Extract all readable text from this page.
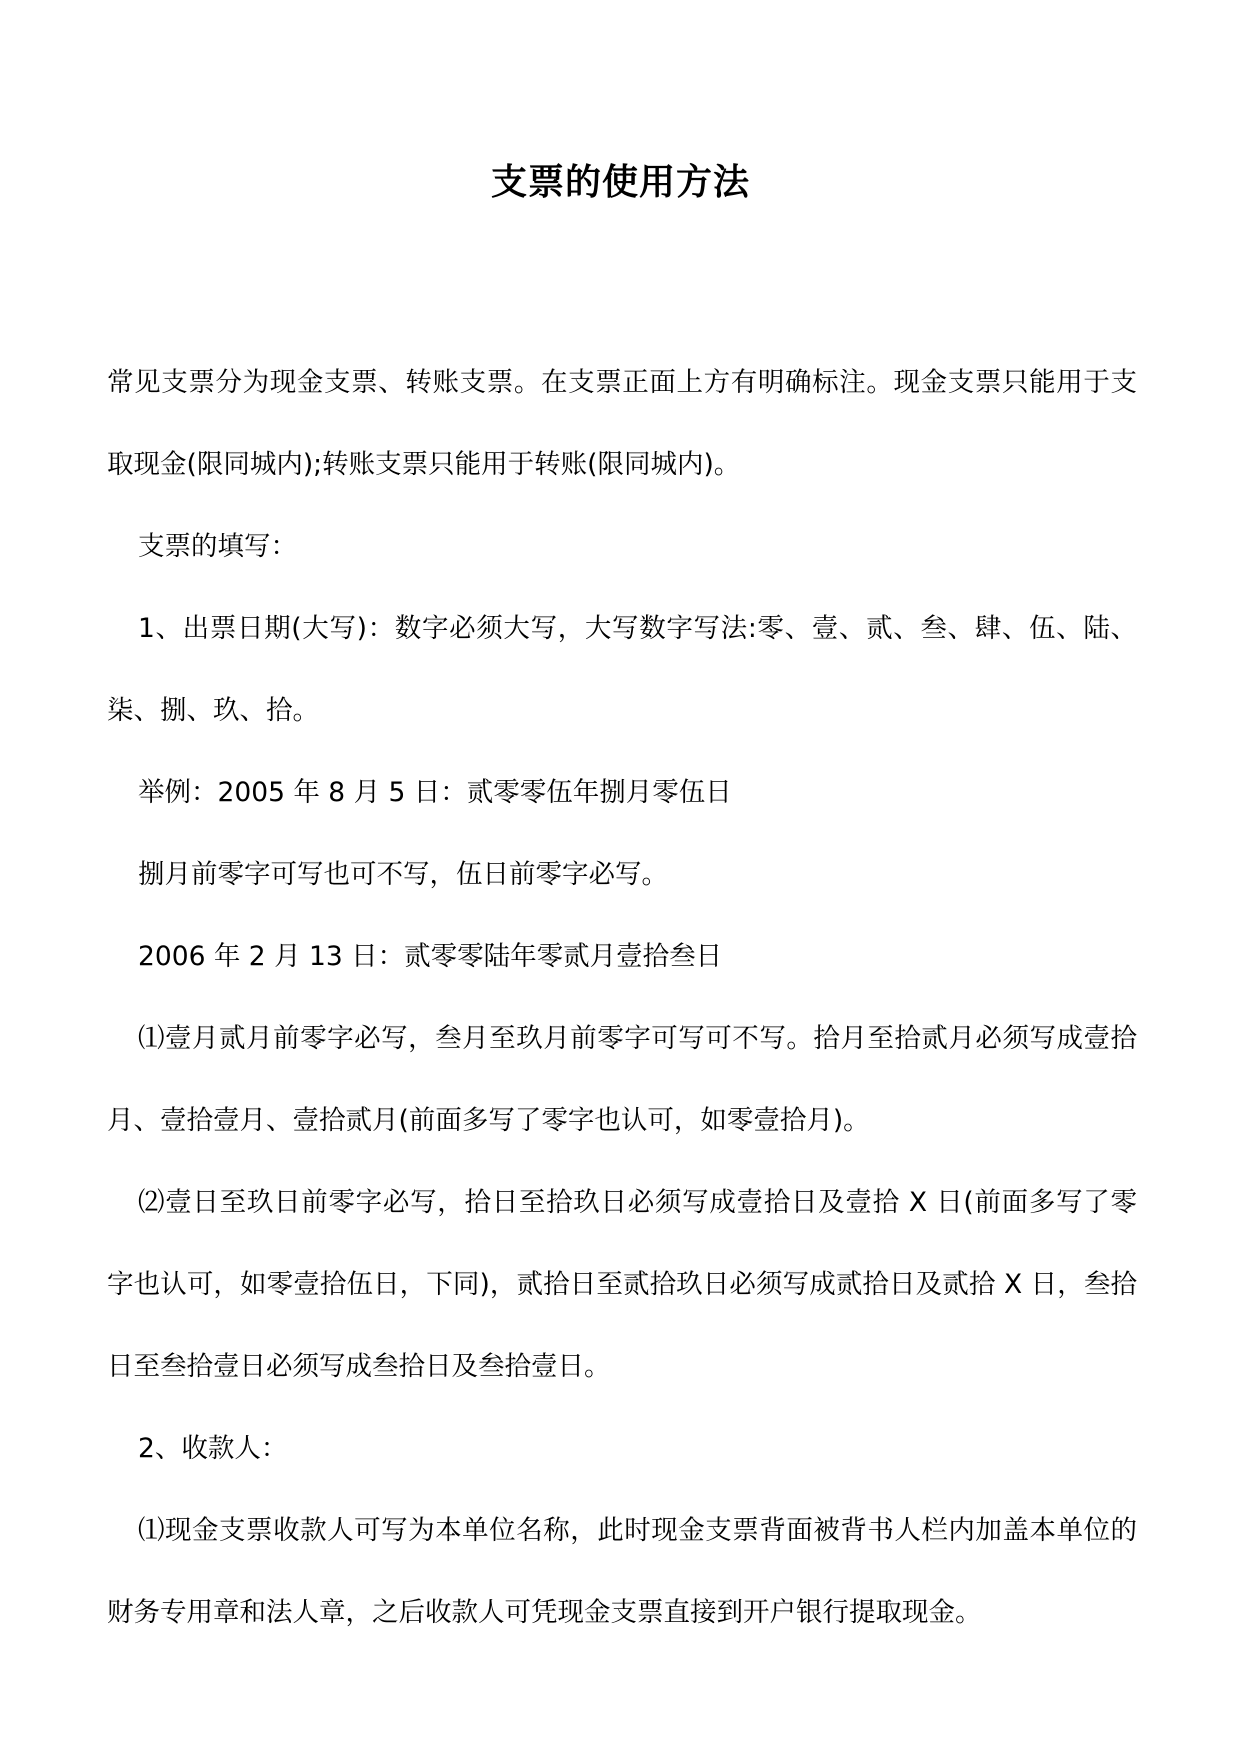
支票的使用方法

常见支票分为现金支票、转账支票。在支票正面上方有明确标注。现金支票只能用于支取现金(限同城内);转账支票只能用于转账(限同城内)。

支票的填写：

1、出票日期(大写)：数字必须大写，大写数字写法:零、壹、贰、叁、肆、伍、陆、柒、捌、玖、拾。

举例：2005 年 8 月 5 日：贰零零伍年捌月零伍日

捌月前零字可写也可不写，伍日前零字必写。

2006 年 2 月 13 日：贰零零陆年零贰月壹拾叁日

⑴壹月贰月前零字必写，叁月至玖月前零字可写可不写。拾月至拾贰月必须写成壹拾月、壹拾壹月、壹拾贰月(前面多写了零字也认可，如零壹拾月)。

⑵壹日至玖日前零字必写，拾日至拾玖日必须写成壹拾日及壹拾 X 日(前面多写了零字也认可，如零壹拾伍日，下同)，贰拾日至贰拾玖日必须写成贰拾日及贰拾 X 日，叁拾日至叁拾壹日必须写成叁拾日及叁拾壹日。

2、收款人：

⑴现金支票收款人可写为本单位名称，此时现金支票背面被背书人栏内加盖本单位的财务专用章和法人章，之后收款人可凭现金支票直接到开户银行提取现金。
